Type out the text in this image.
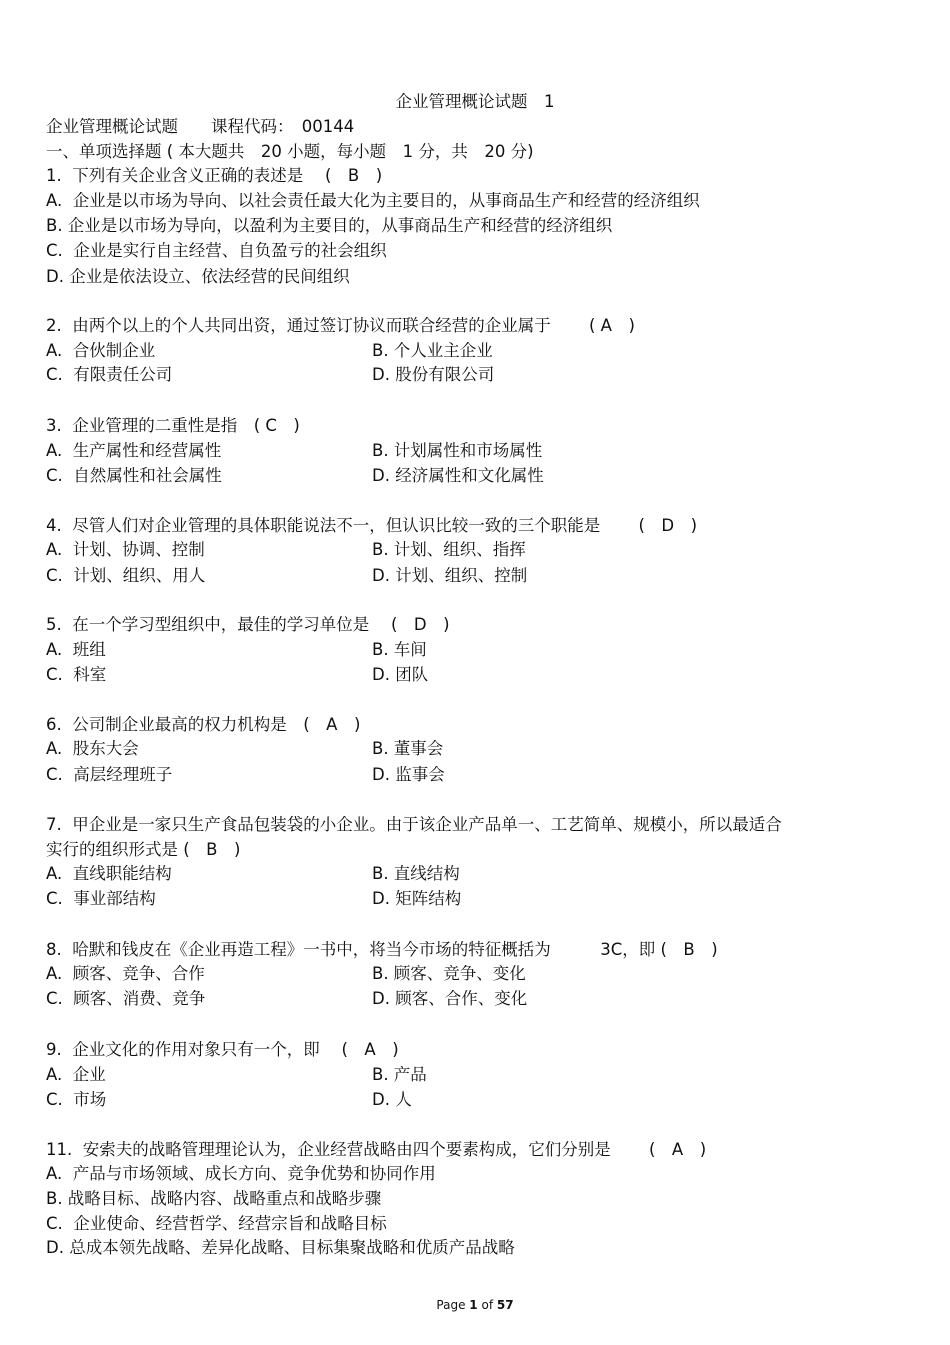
企业管理概论试题　1
企业管理概论试题　　课程代码：　00144
一、单项选择题 ( 本大题共　20 小题，每小题　1 分，共　20 分)
1.  下列有关企业含义正确的表述是　 (　B　)
A.  企业是以市场为导向、以社会责任最大化为主要目的，从事商品生产和经营的经济组织
B. 企业是以市场为导向，以盈利为主要目的，从事商品生产和经营的经济组织
C.  企业是实行自主经营、自负盈亏的社会组织
D. 企业是依法设立、依法经营的民间组织
2.  由两个以上的个人共同出资，通过签订协议而联合经营的企业属于　　 ( A　)
A.  合伙制企业	B. 个人业主企业
C.  有限责任公司	D. 股份有限公司
3.  企业管理的二重性是指　( C　)
A.  生产属性和经营属性	B. 计划属性和市场属性
C.  自然属性和社会属性	D. 经济属性和文化属性
4.  尽管人们对企业管理的具体职能说法不一，但认识比较一致的三个职能是　　 (　D　)
A.  计划、协调、控制	B. 计划、组织、指挥
C.  计划、组织、用人	D. 计划、组织、控制
5.  在一个学习型组织中，最佳的学习单位是　 (　D　)
A.  班组	B. 车间
C.  科室	D. 团队
6.  公司制企业最高的权力机构是　(　A　)
A.  股东大会	B. 董事会
C.  高层经理班子	D. 监事会
7.  甲企业是一家只生产食品包装袋的小企业。由于该企业产品单一、工艺简单、规模小，所以最适合
实行的组织形式是 (　B　)
A.  直线职能结构	B. 直线结构
C.  事业部结构	D. 矩阵结构
8.  哈默和钱皮在《企业再造工程》一书中，将当今市场的特征概括为　　　3C，即 (　B　)
A.  顾客、竞争、合作	B. 顾客、竞争、变化
C.  顾客、消费、竞争	D. 顾客、合作、变化
9.  企业文化的作用对象只有一个，即　 (　A　)
A.  企业	B. 产品
C.  市场	D. 人
11.  安索夫的战略管理理论认为，企业经营战略由四个要素构成，它们分别是　　 (　A　)
A.  产品与市场领域、成长方向、竞争优势和协同作用
B. 战略目标、战略内容、战略重点和战略步骤
C.  企业使命、经营哲学、经营宗旨和战略目标
D. 总成本领先战略、差异化战略、目标集聚战略和优质产品战略
Page 1 of 57
